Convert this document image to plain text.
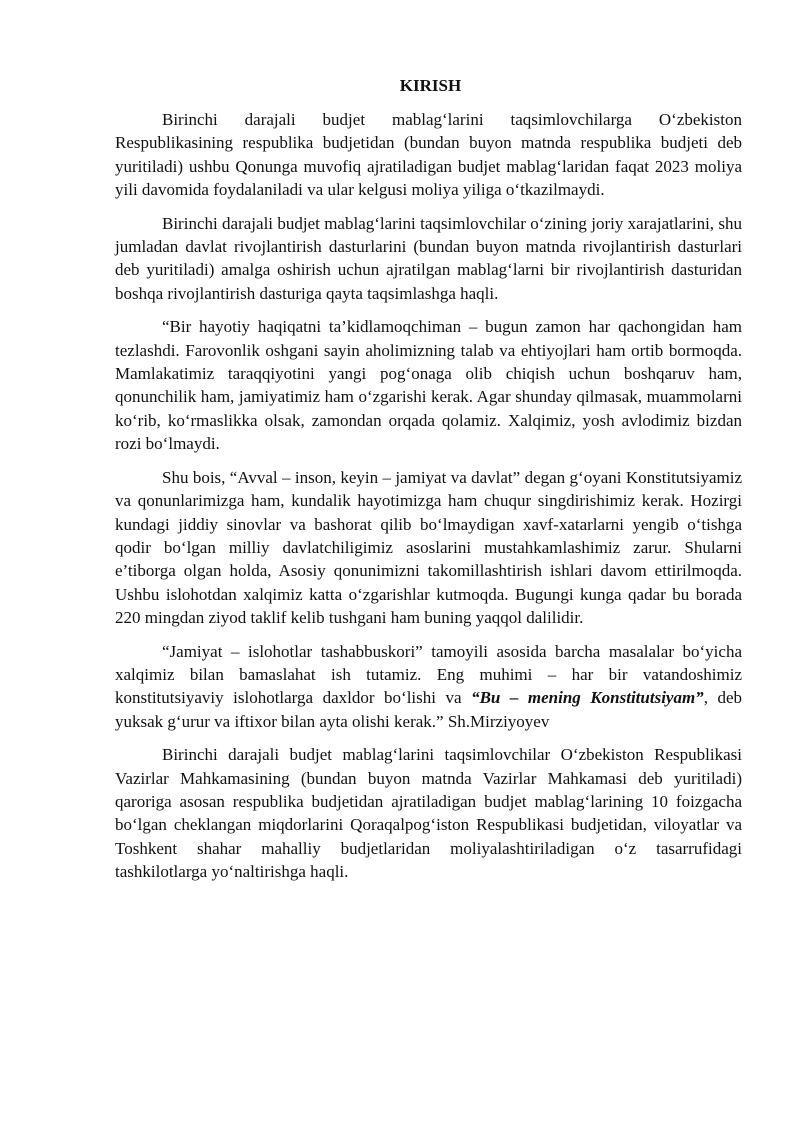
KIRISH

Birinchi darajali budjet mablag‘larini taqsimlovchilarga O‘zbekiston Respublikasining respublika budjetidan (bundan buyon matnda respublika budjeti deb yuritiladi) ushbu Qonunga muvofiq ajratiladigan budjet mablag‘laridan faqat 2023 moliya yili davomida foydalaniladi va ular kelgusi moliya yiliga o‘tkazilmaydi.

Birinchi darajali budjet mablag‘larini taqsimlovchilar o‘zining joriy xarajatlarini, shu jumladan davlat rivojlantirish dasturlarini (bundan buyon matnda rivojlantirish dasturlari deb yuritiladi) amalga oshirish uchun ajratilgan mablag‘larni bir rivojlantirish dasturidan boshqa rivojlantirish dasturiga qayta taqsimlashga haqli.

“Bir hayotiy haqiqatni ta’kidlamoqchiman – bugun zamon har qachongidan ham tezlashdi. Farovonlik oshgani sayin aholimizning talab va ehtiyojlari ham ortib bormoqda. Mamlakatimiz taraqqiyotini yangi pog‘onaga olib chiqish uchun boshqaruv ham, qonunchilik ham, jamiyatimiz ham o‘zgarishi kerak. Agar shunday qilmasak, muammolarni ko‘rib, ko‘rmaslikka olsak, zamondan orqada qolamiz. Xalqimiz, yosh avlodimiz bizdan rozi bo‘lmaydi.

Shu bois, “Avval – inson, keyin – jamiyat va davlat” degan g‘oyani Konstitutsiyamiz va qonunlarimizga ham, kundalik hayotimizga ham chuqur singdirishimiz kerak. Hozirgi kundagi jiddiy sinovlar va bashorat qilib bo‘lmaydigan xavf-xatarlarni yengib o‘tishga qodir bo‘lgan milliy davlatchiligimiz asoslarini mustahkamlashimiz zarur. Shularni e’tiborga olgan holda, Asosiy qonunimizni takomillashtirish ishlari davom ettirilmoqda. Ushbu islohotdan xalqimiz katta o‘zgarishlar kutmoqda. Bugungi kunga qadar bu borada 220 mingdan ziyod taklif kelib tushgani ham buning yaqqol dalilidir.

“Jamiyat – islohotlar tashabbuskori” tamoyili asosida barcha masalalar bo‘yicha xalqimiz bilan bamaslahat ish tutamiz. Eng muhimi – har bir vatandoshimiz konstitutsiyaviy islohotlarga daxldor bo‘lishi va “Bu – mening Konstitutsiyam”, deb yuksak g‘urur va iftixor bilan ayta olishi kerak.” Sh.Mirziyoyev

Birinchi darajali budjet mablag‘larini taqsimlovchilar O‘zbekiston Respublikasi Vazirlar Mahkamasining (bundan buyon matnda Vazirlar Mahkamasi deb yuritiladi) qaroriga asosan respublika budjetidan ajratiladigan budjet mablag‘larining 10 foizgacha bo‘lgan cheklangan miqdorlarini Qoraqalpog‘iston Respublikasi budjetidan, viloyatlar va Toshkent shahar mahalliy budjetlaridan moliyalashtiriladigan o‘z tasarrufidagi tashkilotlarga yo‘naltirishga haqli.
